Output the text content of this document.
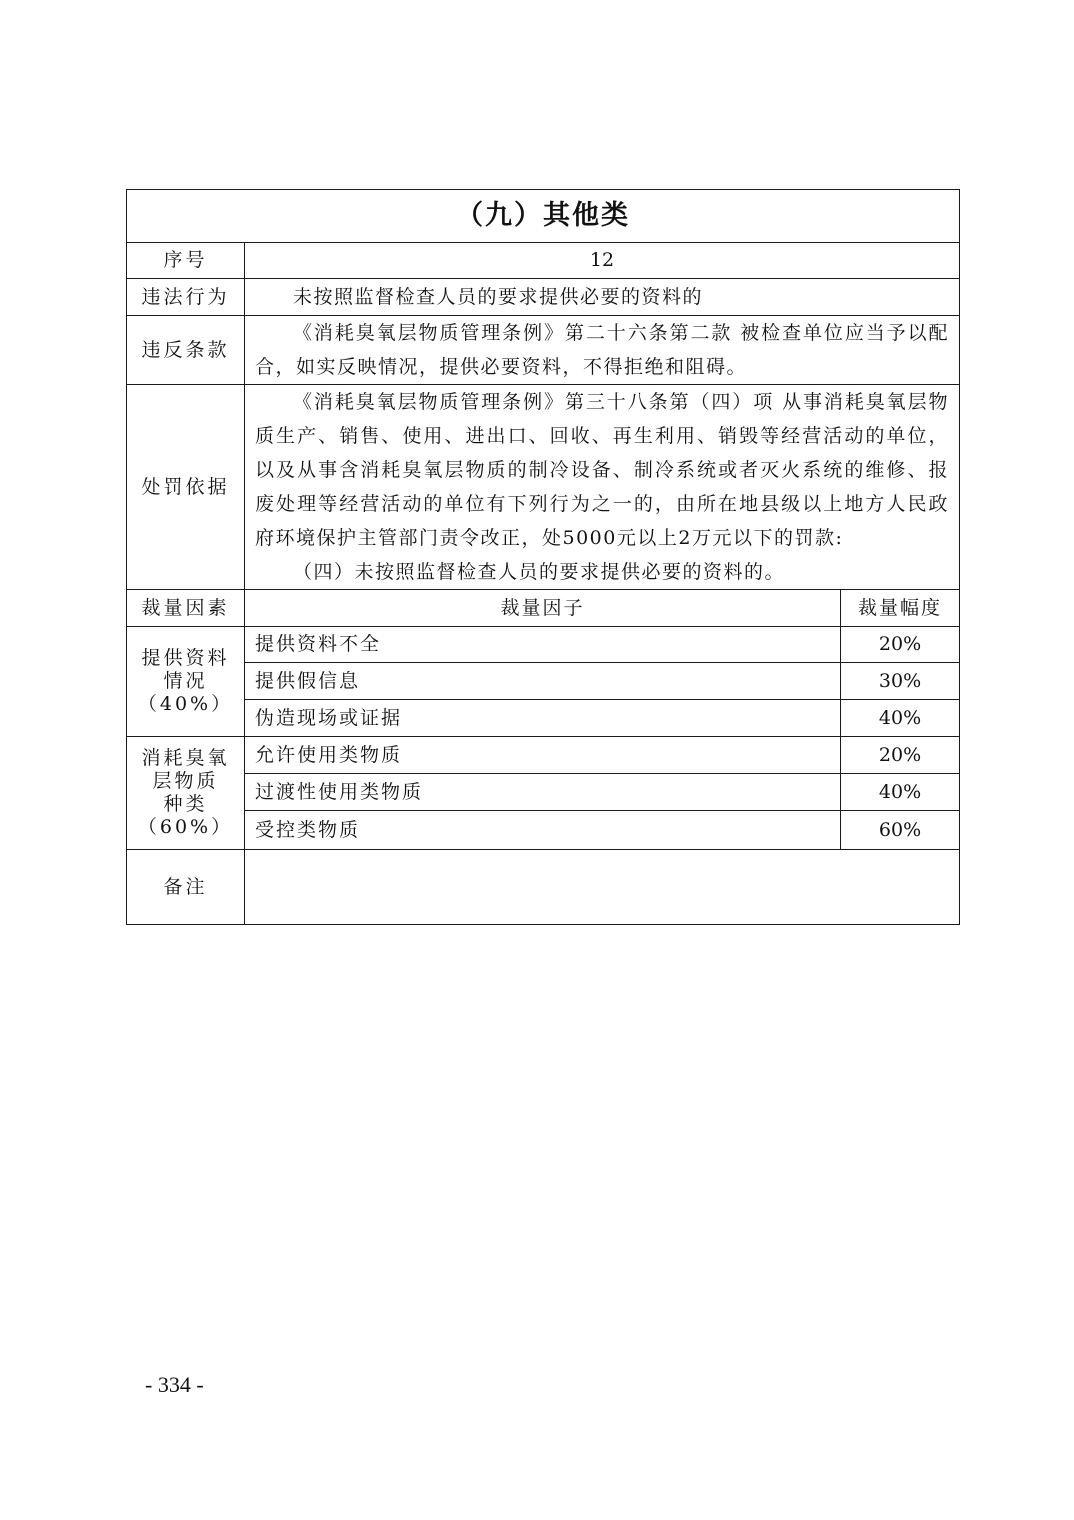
（九）其他类		
序号	12	
违法行为	未按照监督检查人员的要求提供必要的资料的	

违反条款	《消耗臭氧层物质管理条例》第二十六条第二款 被检查单位应当予以配合，如实反映情况，提供必要资料，不得拒绝和阻碍。	

处罚依据	《消耗臭氧层物质管理条例》第三十八条第（四）项 从事消耗臭氧层物质生产、销售、使用、进出口、回收、再生利用、销毁等经营活动的单位，以及从事含消耗臭氧层物质的制冷设备、制冷系统或者灭火系统的维修、报废处理等经营活动的单位有下列行为之一的，由所在地县级以上地方人民政府环境保护主管部门责令改正，处5000元以上2万元以下的罚款:

（四）未按照监督检查人员的要求提供必要的资料的。	

裁量因素	裁量因子	裁量幅度

提供资料
情况
（40%）	提供资料不全	20%
	提供假信息	30%
	伪造现场或证据	40%

消耗臭氧
层物质
种类
（60%）	允许使用类物质	20%
	过渡性使用类物质	40%
	受控类物质	60%
备注		
- 334 -
